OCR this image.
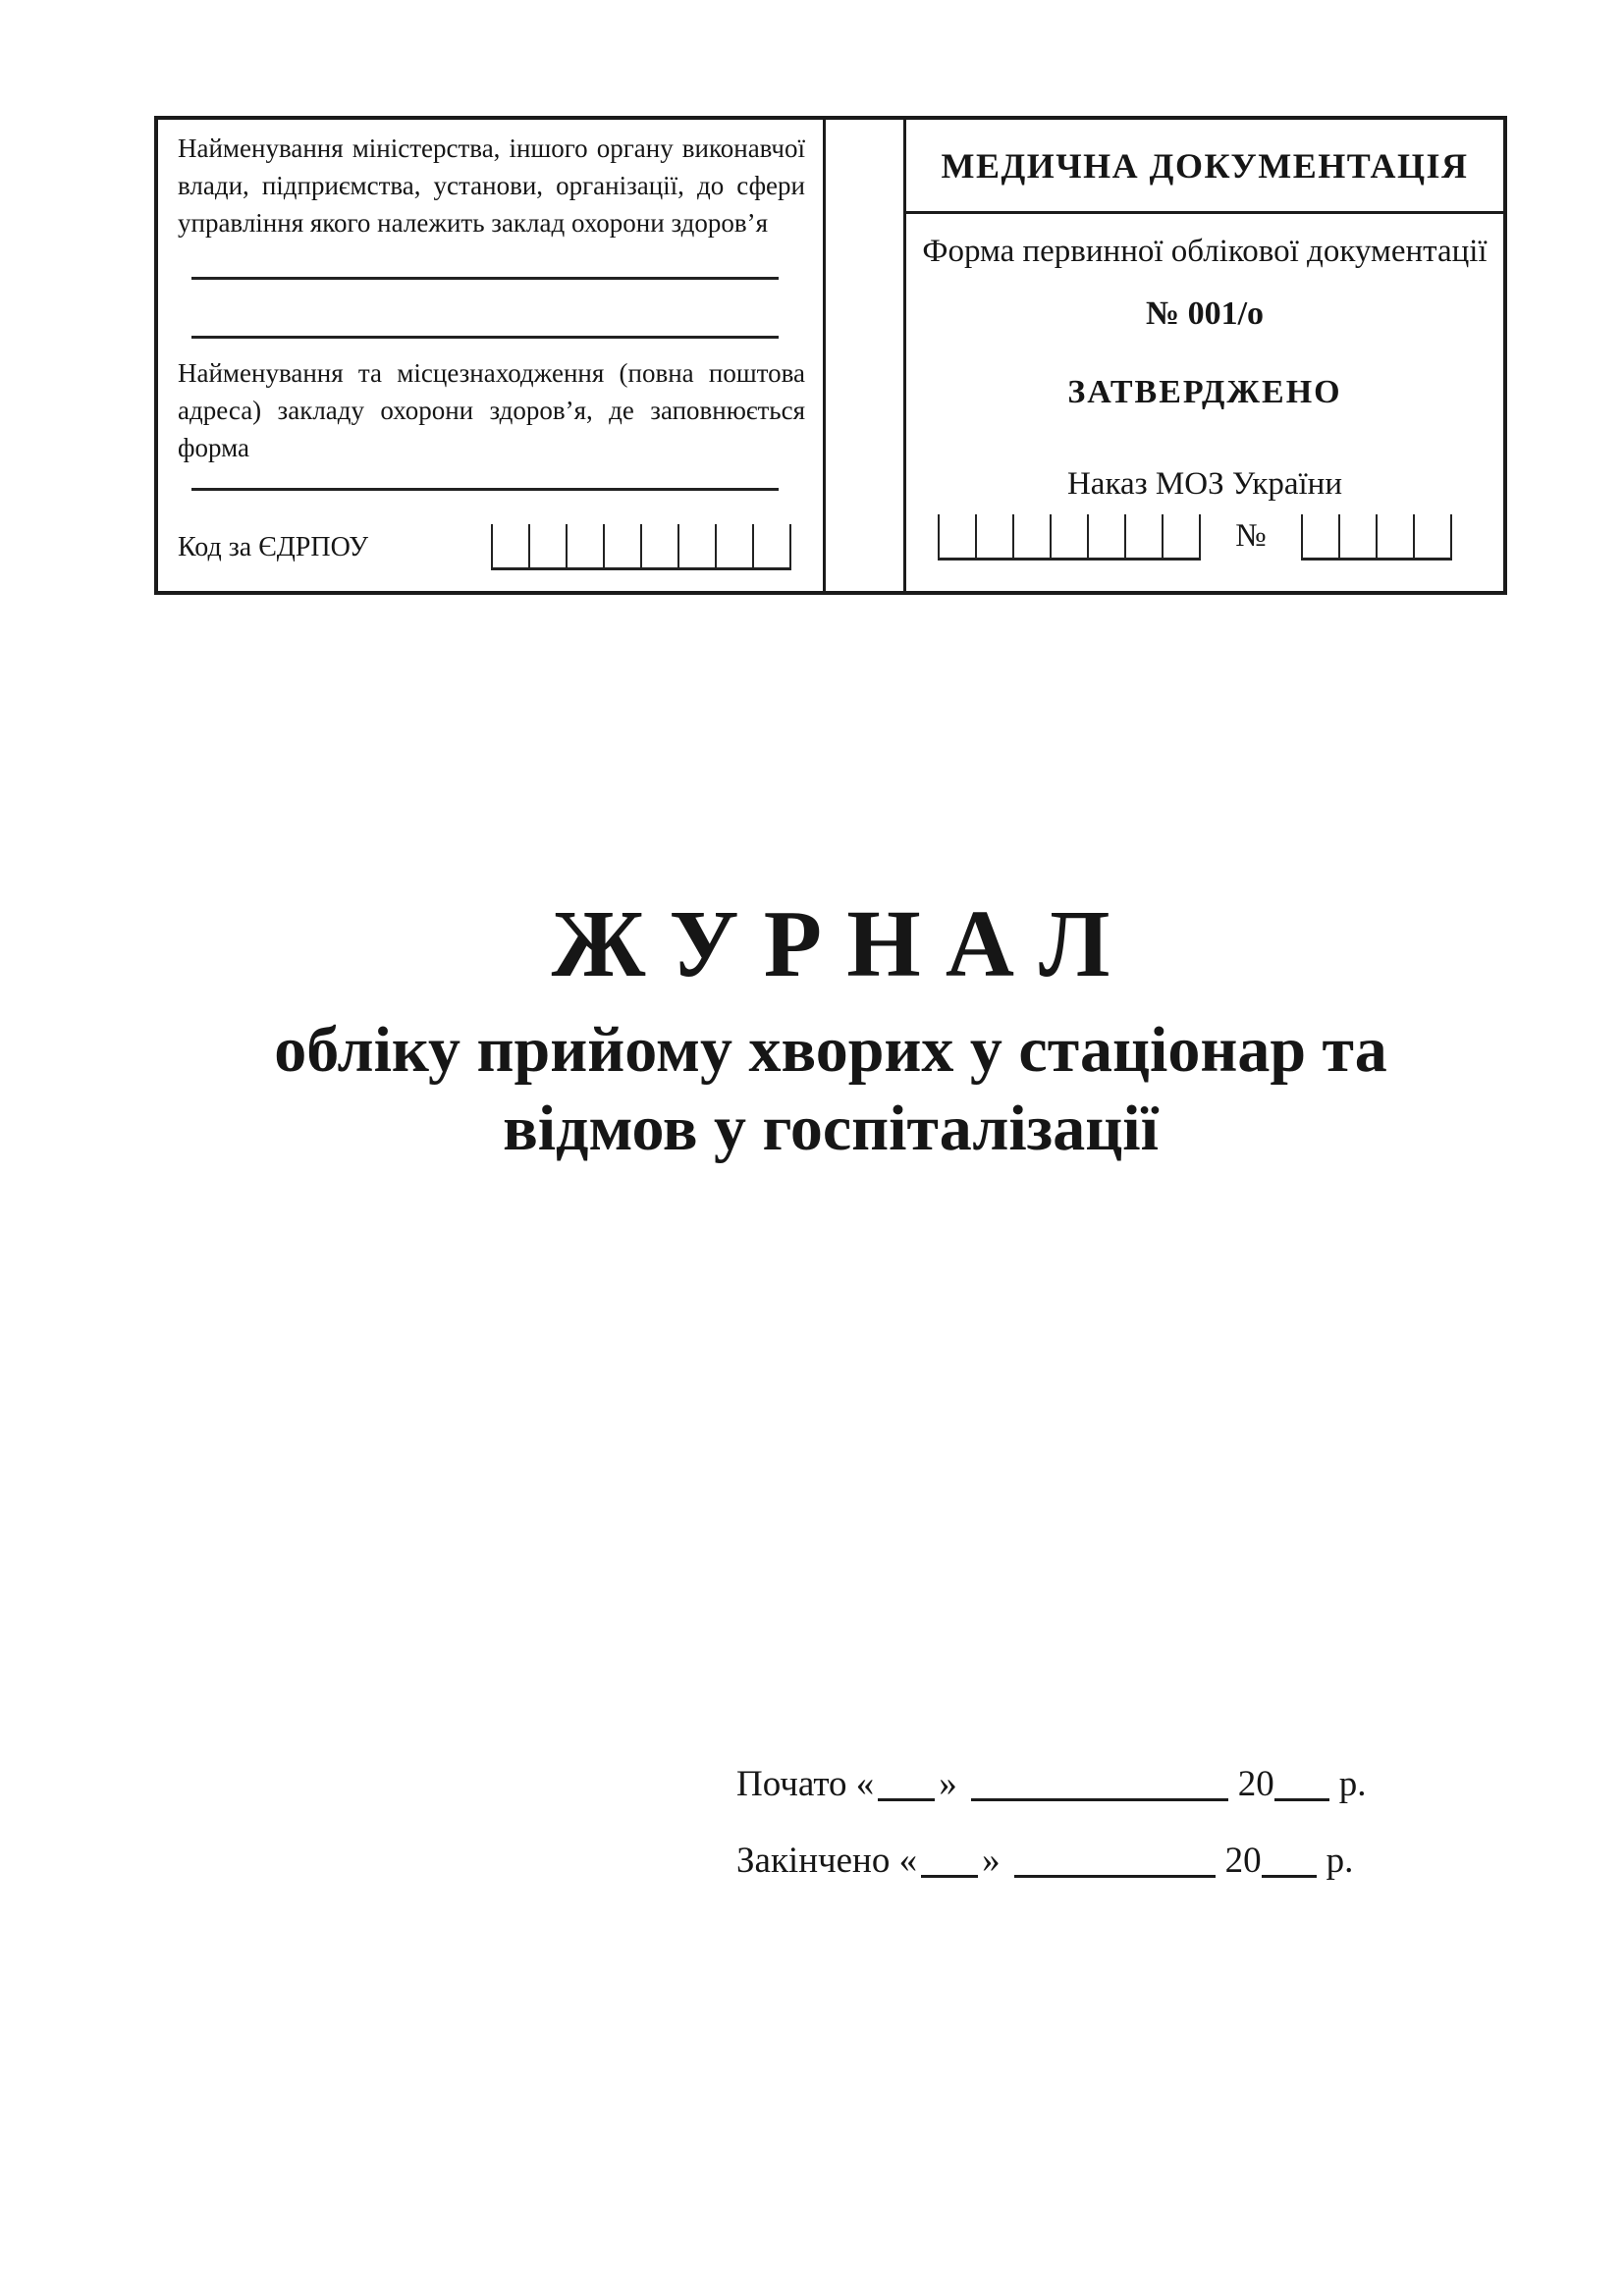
Найменування міністерства, іншого органу виконавчої влади, підприємства, установи, організації, до сфери управління якого належить заклад охорони здоров’я

Найменування та місцезнаходження (повна поштова адреса) закладу охорони здоров’я, де заповнюється форма

Код за ЄДРПОУ
МЕДИЧНА ДОКУМЕНТАЦІЯ
Форма первинної облікової документації
№ 001/о
ЗАТВЕРДЖЕНО
Наказ МОЗ України
№
ЖУРНАЛ
обліку прийому хворих у стаціонар та
відмов у госпіталізації
Почато « »	20 р.
Закінчено « »	20 р.
